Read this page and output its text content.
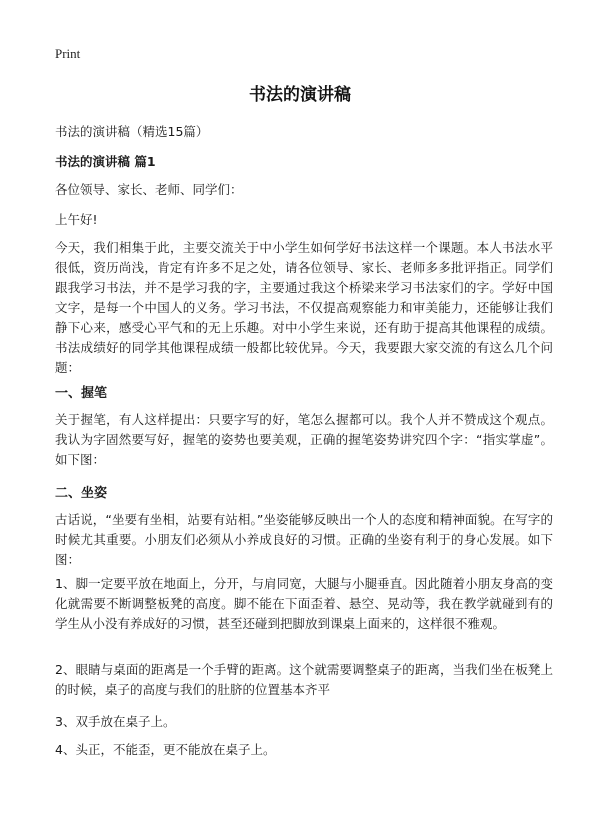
Print
书法的演讲稿
书法的演讲稿（精选15篇）
书法的演讲稿 篇1
各位领导、家长、老师、同学们：
上午好!
今天，我们相集于此，主要交流关于中小学生如何学好书法这样一个课题。本人书法水平很低，资历尚浅，肯定有许多不足之处，请各位领导、家长、老师多多批评指正。同学们跟我学习书法，并不是学习我的字，主要通过我这个桥梁来学习书法家们的字。学好中国文字，是每一个中国人的义务。学习书法，不仅提高观察能力和审美能力，还能够让我们静下心来，感受心平气和的无上乐趣。对中小学生来说，还有助于提高其他课程的成绩。书法成绩好的同学其他课程成绩一般都比较优异。今天，我要跟大家交流的有这么几个问题：
一、握笔
关于握笔，有人这样提出：只要字写的好，笔怎么握都可以。我个人并不赞成这个观点。我认为字固然要写好，握笔的姿势也要美观，正确的握笔姿势讲究四个字：“指实掌虚”。如下图：
二、坐姿
古话说，“坐要有坐相，站要有站相。”坐姿能够反映出一个人的态度和精神面貌。在写字的时候尤其重要。小朋友们必须从小养成良好的习惯。正确的坐姿有利于的身心发展。如下图：
1、脚一定要平放在地面上，分开，与肩同宽，大腿与小腿垂直。因此随着小朋友身高的变化就需要不断调整板凳的高度。脚不能在下面歪着、悬空、晃动等，我在教学就碰到有的学生从小没有养成好的习惯，甚至还碰到把脚放到课桌上面来的，这样很不雅观。
2、眼睛与桌面的距离是一个手臂的距离。这个就需要调整桌子的距离，当我们坐在板凳上的时候，桌子的高度与我们的肚脐的位置基本齐平
3、双手放在桌子上。
4、头正，不能歪，更不能放在桌子上。
